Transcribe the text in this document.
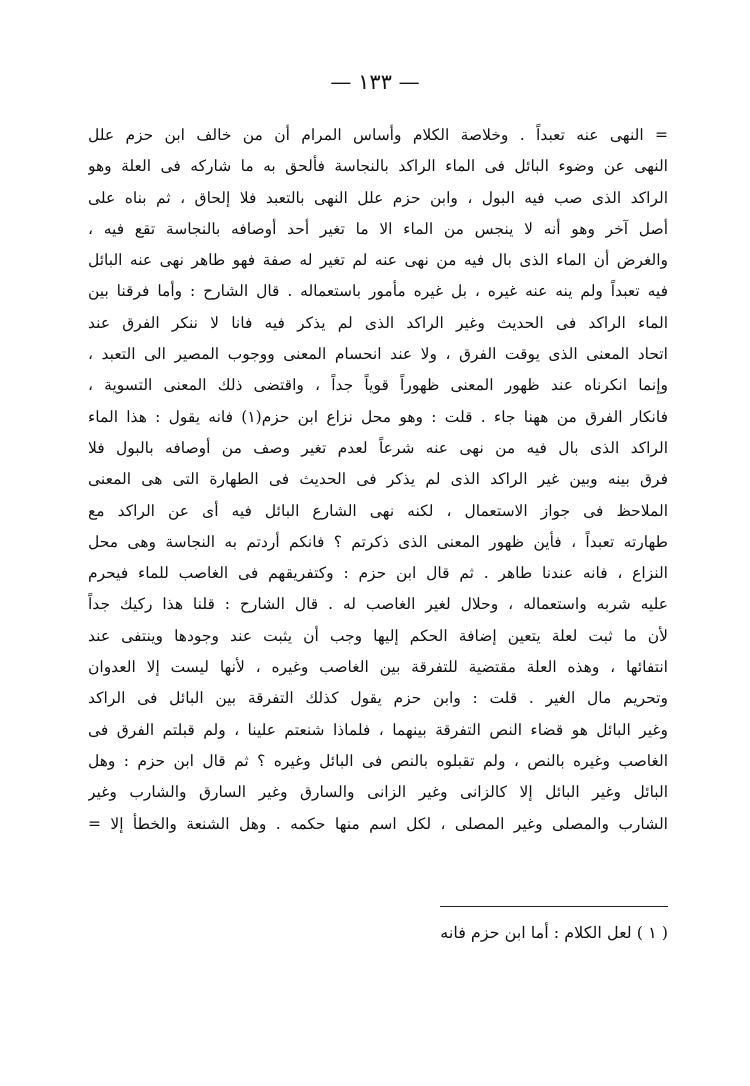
— ١٣٣ —
= النهى عنه تعبداً . وخلاصة الكلام وأساس المرام أن من خالف ابن حزم علل
النهى عن وضوء البائل فى الماء الراكد بالنجاسة فألحق به ما شاركه فى العلة وهو
الراكد الذى صب فيه البول ، وابن حزم علل النهى بالتعبد فلا إلحاق ، ثم بناه على
أصل آخر وهو أنه لا ينجس من الماء الا ما تغير أحد أوصافه بالنجاسة تقع فيه ،
والغرض أن الماء الذى بال فيه من نهى عنه لم تغير له صفة فهو طاهر نهى عنه البائل
فيه تعبداً ولم ينه عنه غيره ، بل غيره مأمور باستعماله . قال الشارح : وأما فرقنا بين
الماء الراكد فى الحديث وغير الراكد الذى لم يذكر فيه فانا لا ننكر الفرق عند
اتحاد المعنى الذى يوقت الفرق ، ولا عند انحسام المعنى ووجوب المصير الى التعبد ،
وإنما انكرناه عند ظهور المعنى ظهوراً قوياً جداً ، واقتضى ذلك المعنى التسوية ،
فانكار الفرق من ههنا جاء . قلت : وهو محل نزاع ابن حزم(١) فانه يقول : هذا الماء
الراكد الذى بال فيه من نهى عنه شرعاً لعدم تغير وصف من أوصافه بالبول فلا
فرق بينه وبين غير الراكد الذى لم يذكر فى الحديث فى الطهارة التى هى المعنى
الملاحظ فى جواز الاستعمال ، لكنه نهى الشارع البائل فيه أى عن الراكد مع
طهارته تعبداً ، فأين ظهور المعنى الذى ذكرتم ؟ فانكم أردتم به النجاسة وهى محل
النزاع ، فانه عندنا طاهر . ثم قال ابن حزم : وكتفريقهم فى الغاصب للماء فيحرم
عليه شربه واستعماله ، وحلال لغير الغاصب له . قال الشارح : قلنا هذا ركيك جداً
لأن ما ثبت لعلة يتعين إضافة الحكم إليها وجب أن يثبت عند وجودها وينتفى عند
انتفائها ، وهذه العلة مقتضية للتفرقة بين الغاصب وغيره ، لأنها ليست إلا العدوان
وتحريم مال الغير . قلت : وابن حزم يقول كذلك التفرقة بين البائل فى الراكد
وغير البائل هو قضاء النص التفرقة بينهما ، فلماذا شنعتم علينا ، ولم قبلتم الفرق فى
الغاصب وغيره بالنص ، ولم تقبلوه بالنص فى البائل وغيره ؟ ثم قال ابن حزم : وهل
البائل وغير البائل إلا كالزانى وغير الزانى والسارق وغير السارق والشارب وغير
الشارب والمصلى وغير المصلى ، لكل اسم منها حكمه . وهل الشنعة والخطأ إلا =
( ١ ) لعل الكلام : أما ابن حزم فانه
